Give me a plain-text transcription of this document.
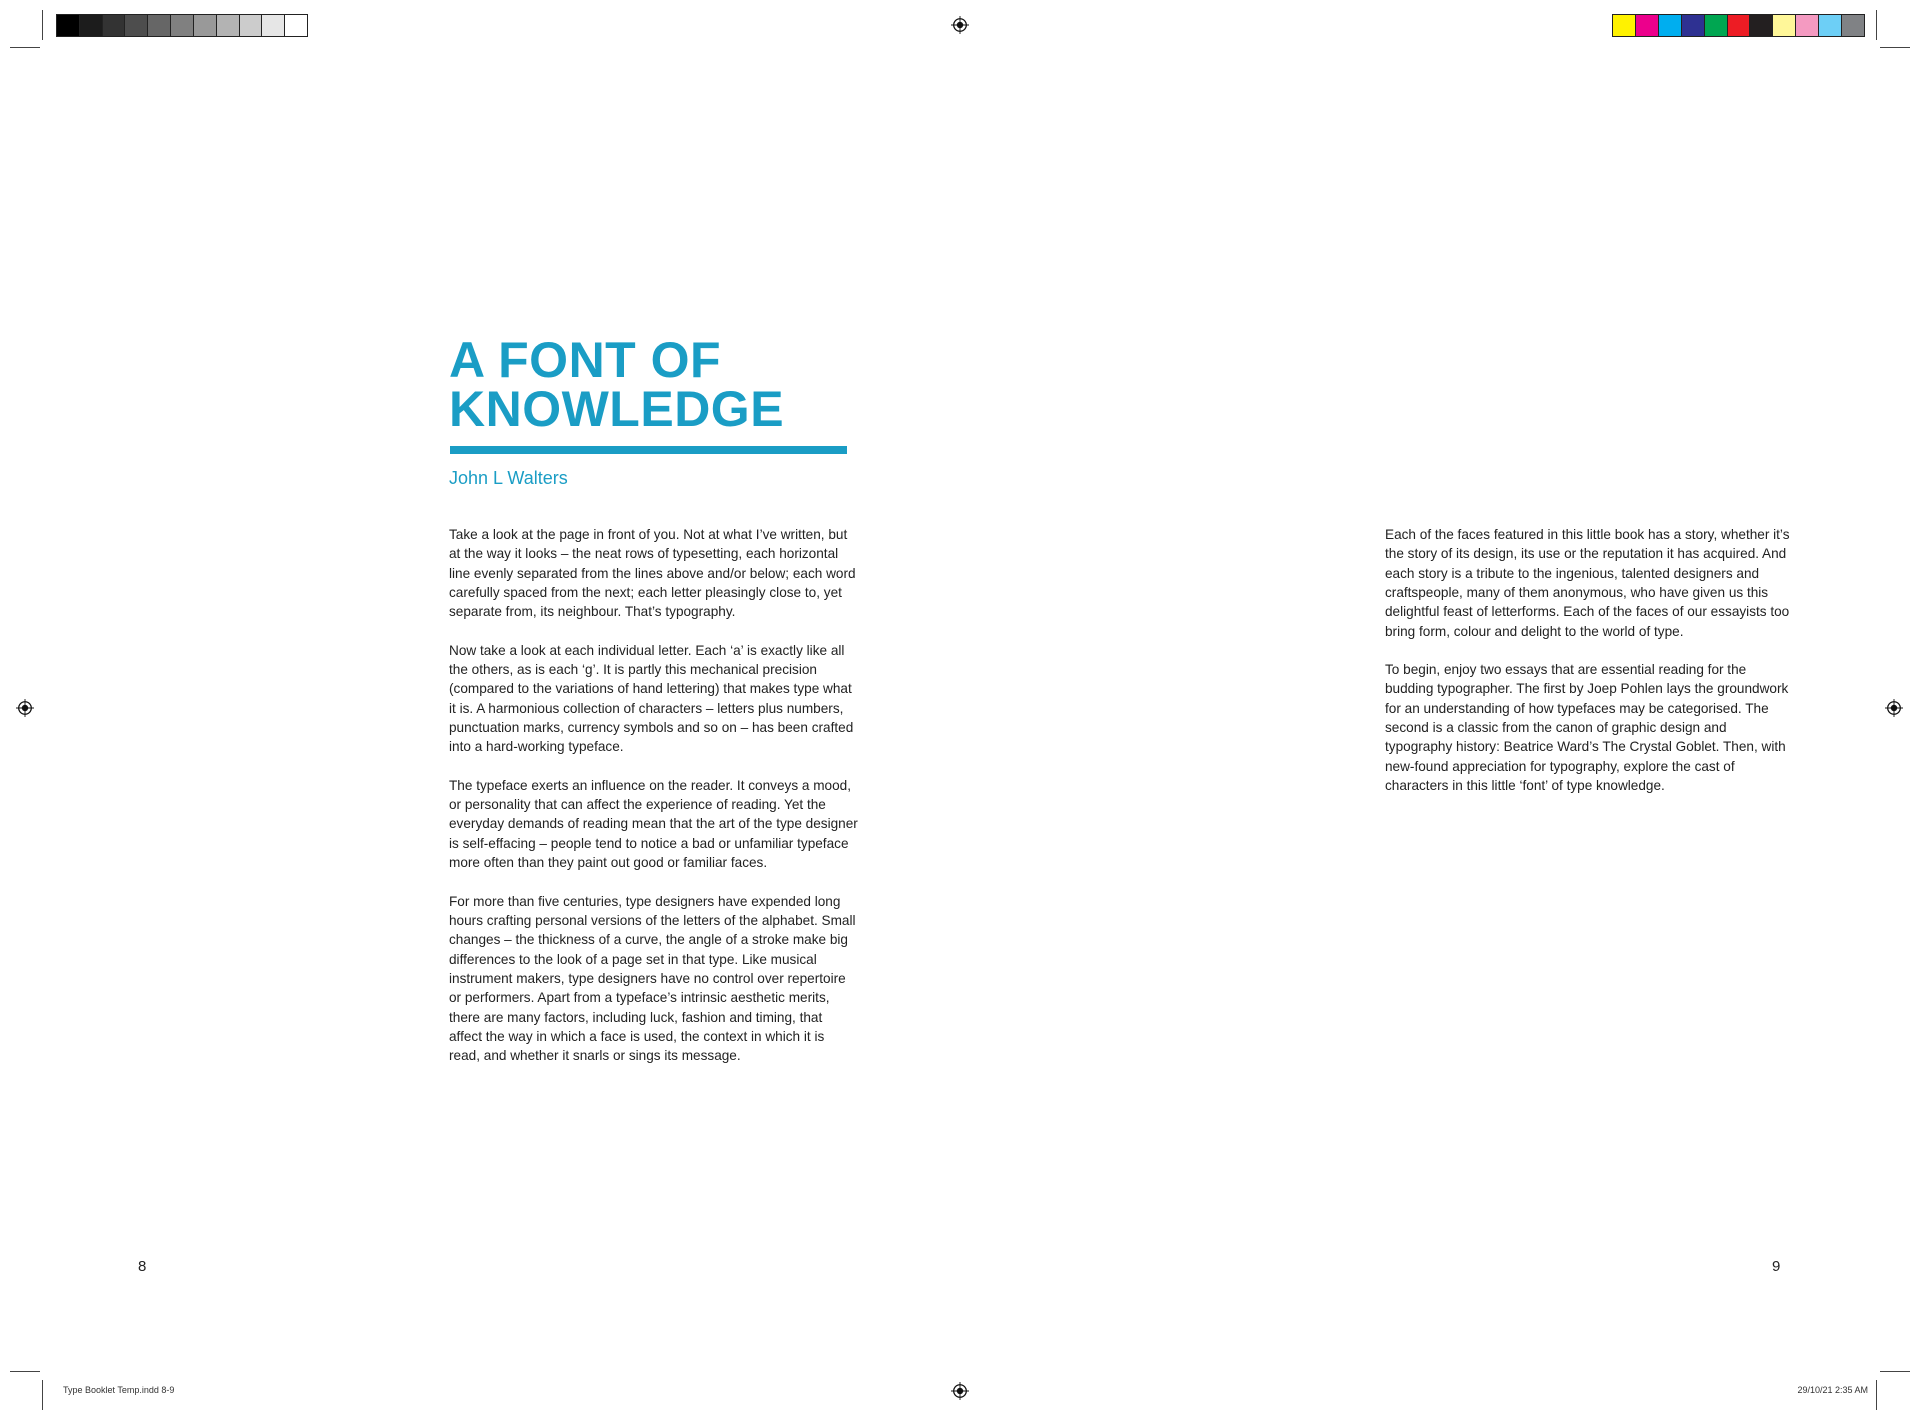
A FONT OF
KNOWLEDGE

John L Walters

Take a look at the page in front of you. Not at what I’ve written, but at the way it looks – the neat rows of typesetting, each horizontal line evenly separated from the lines above and/or below; each word carefully spaced from the next; each letter pleasingly close to, yet separate from, its neighbour. That’s typography.

Now take a look at each individual letter. Each ‘a’ is exactly like all the others, as is each ‘g’. It is partly this mechanical precision (compared to the variations of hand lettering) that makes type what it is. A harmonious collection of characters – letters plus numbers, punctuation marks, currency symbols and so on – has been crafted into a hard-working typeface.

The typeface exerts an influence on the reader. It conveys a mood, or personality that can affect the experience of reading. Yet the everyday demands of reading mean that the art of the type designer is self-effacing – people tend to notice a bad or unfamiliar typeface more often than they paint out good or familiar faces.

For more than five centuries, type designers have expended long hours crafting personal versions of the letters of the alphabet. Small changes – the thickness of a curve, the angle of a stroke make big differences to the look of a page set in that type. Like musical instrument makers, type designers have no control over repertoire or performers. Apart from a typeface’s intrinsic aesthetic merits, there are many factors, including luck, fashion and timing, that affect the way in which a face is used, the context in which it is read, and whether it snarls or sings its message.

Each of the faces featured in this little book has a story, whether it’s the story of its design, its use or the reputation it has acquired. And each story is a tribute to the ingenious, talented designers and craftspeople, many of them anonymous, who have given us this delightful feast of letterforms. Each of the faces of our essayists too bring form, colour and delight to the world of type.

To begin, enjoy two essays that are essential reading for the budding typographer. The first by Joep Pohlen lays the groundwork for an understanding of how typefaces may be categorised. The second is a classic from the canon of graphic design and typography history: Beatrice Ward’s The Crystal Goblet. Then, with new-found appreciation for typography, explore the cast of characters in this little ‘font’ of type knowledge.

8	9

Type Booklet Temp.indd 8-9	29/10/21 2:35 AM
